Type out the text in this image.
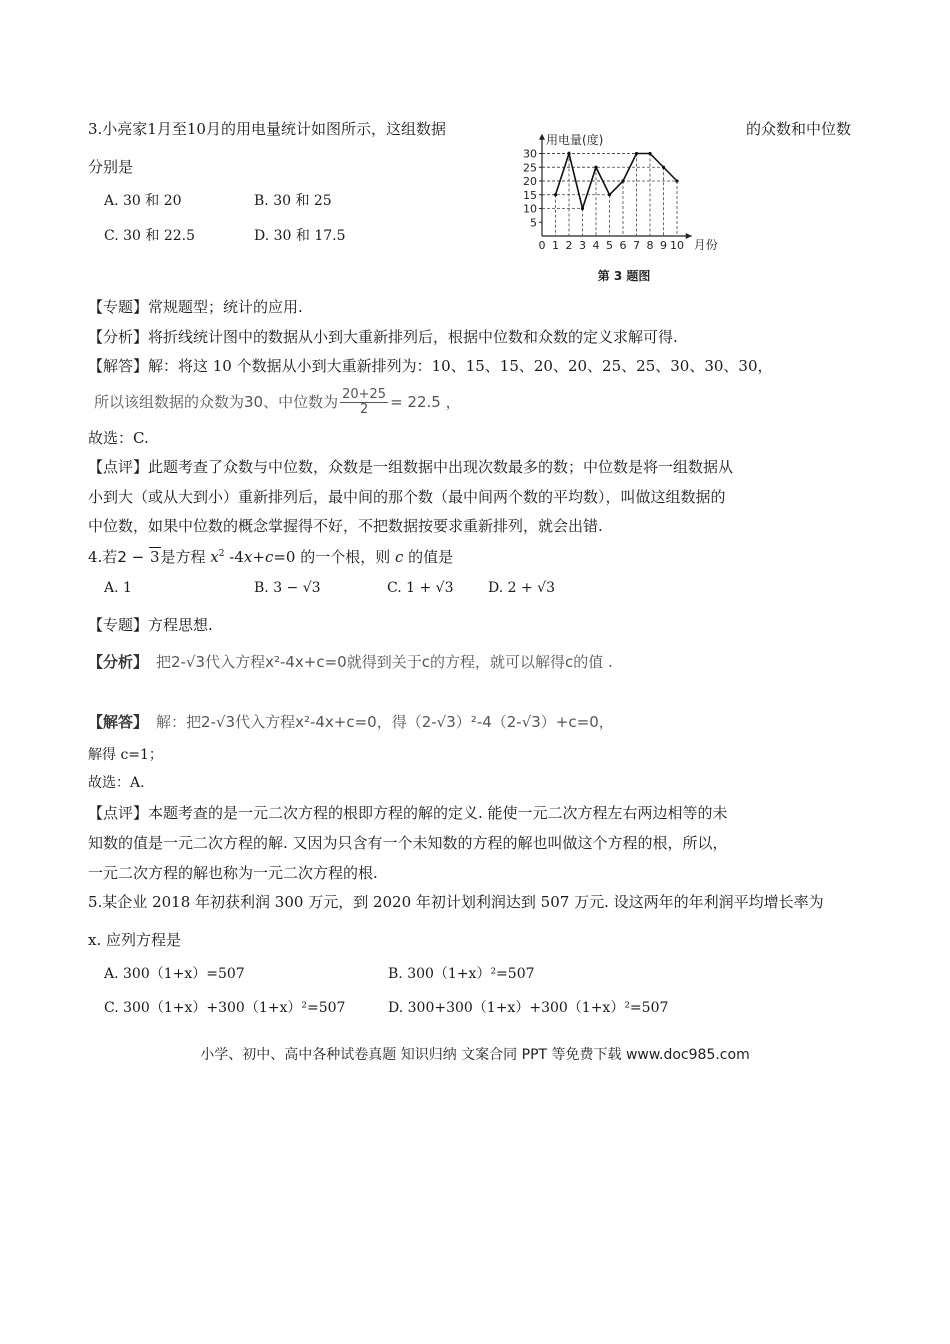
3.小亮家1月至10月的用电量统计如图所示，这组数据	的众数和中位数
分别是
A. 30 和 20	B. 30 和 25
C. 30 和 22.5	D. 30 和 17.5
用电量(度)
月份
5
10
15
20
25
30
0 1 2 3 4 5 6 7 8 9 10
第 3 题图
【专题】常规题型；统计的应用.
【分析】将折线统计图中的数据从小到大重新排列后，根据中位数和众数的定义求解可得.
【解答】解：将这 10 个数据从小到大重新排列为：10、15、15、20、20、25、25、30、30、30，
所以该组数据的众数为30、中位数为 $\frac{20+25}{2} = 22.5$ ，
故选：C.
【点评】此题考查了众数与中位数，众数是一组数据中出现次数最多的数；中位数是将一组数据从
小到大（或从大到小）重新排列后，最中间的那个数（最中间两个数的平均数），叫做这组数据的
中位数，如果中位数的概念掌握得不好，不把数据按要求重新排列，就会出错.
4.若2 − 3是方程 $x^2$ -4x+c=0 的一个根，则 c 的值是
A. 1	B. 3 − √3	C. 1 + √3 D. 2 + √3
【专题】方程思想.
【分析】 把2-√3代入方程x²-4x+c=0就得到关于c的方程，就可以解得c的值 .
【解答】 解：把2-√3代入方程x²-4x+c=0，得（2-√3）²-4（2-√3）+c=0，
解得 c=1；
故选：A.
【点评】本题考查的是一元二次方程的根即方程的解的定义. 能使一元二次方程左右两边相等的未
知数的值是一元二次方程的解. 又因为只含有一个未知数的方程的解也叫做这个方程的根，所以，
一元二次方程的解也称为一元二次方程的根.
5.某企业 2018 年初获利润 300 万元，到 2020 年初计划利润达到 507 万元. 设这两年的年利润平均增长率为
x. 应列方程是
A. 300（1+x）=507	B. 300（1+x）²=507
C. 300（1+x）+300（1+x）²=507	D. 300+300（1+x）+300（1+x）²=507
小学、初中、高中各种试卷真题 知识归纳 文案合同 PPT 等免费下载 www.doc985.com
